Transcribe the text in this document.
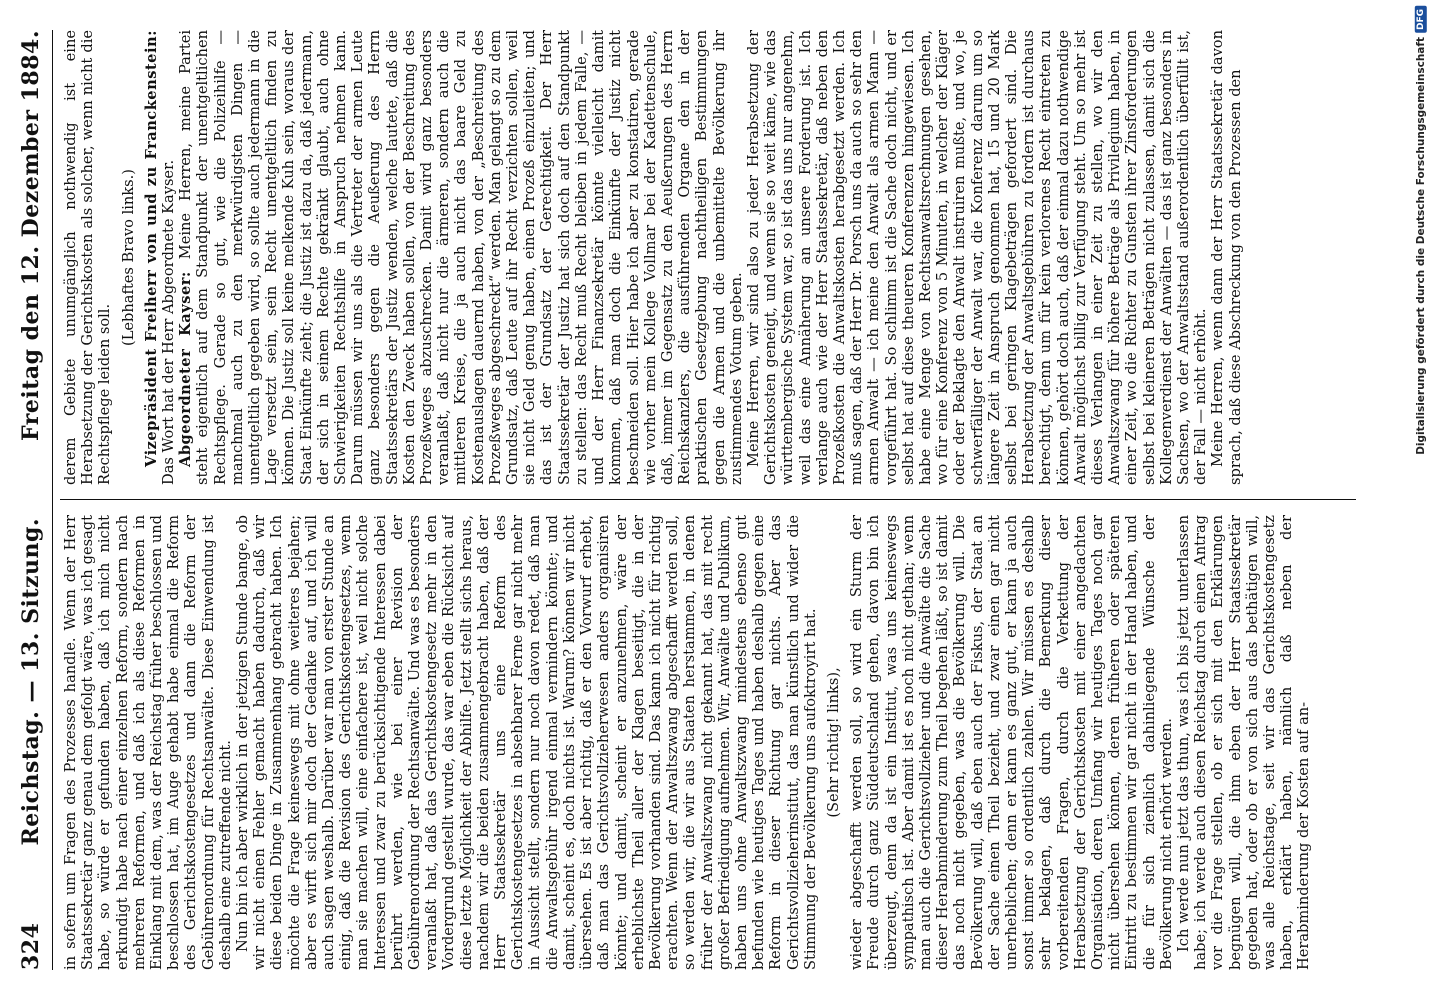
324
Reichstag. — 13. Sitzung.
Freitag den 12. Dezember 1884.

in sofern um Fragen des Prozesses handle. Wenn der Herr Staatssekretär ganz genau dem gefolgt wäre, was ich gesagt habe, so würde er gefunden haben, daß ich mich nicht erkundigt habe nach einer einzelnen Reform, sondern nach mehreren Reformen, und daß ich als diese Reformen in Einklang mit dem, was der Reichstag früher beschlossen und beschlossen hat, im Auge gehabt habe einmal die Reform des Gerichtskostengesetzes und dann die Reform der Gebührenordnung für Rechtsanwälte. Diese Einwendung ist deshalb eine zutreffende nicht. Nun bin ich aber wirklich in der jetzigen Stunde bange, ob wir nicht einen Fehler gemacht haben dadurch, daß wir diese beiden Dinge in Zusammenhang gebracht haben. Ich möchte die Frage keineswegs mit ohne weiteres bejahen; aber es wirft sich mir doch der Gedanke auf, und ich will auch sagen weshalb. Darüber war man von erster Stunde an einig, daß die Revision des Gerichtskostengesetzes, wenn man sie machen will, eine einfachere ist, weil nicht solche Interessen und zwar zu berücksichtigende Interessen dabei berührt werden, wie bei einer Revision der Gebührenordnung der Rechtsanwälte. Und was es besonders veranlaßt hat, daß das Gerichtskostengesetz mehr in den Vordergrund gestellt wurde, das war eben die Rücksicht auf diese letzte Möglichkeit der Abhilfe. Jetzt stellt sichs heraus, nachdem wir die beiden zusammengebracht haben, daß der Herr Staatssekretär uns eine Reform des Gerichtskostengesetzes in absehbarer Ferne gar nicht mehr in Aussicht stellt, sondern nur noch davon redet, daß man die Anwaltsgebühr irgend einmal vermindern könnte; und damit, scheint es, doch nichts ist. Warum? können wir nicht übersehen. Es ist aber richtig, daß er den Vorwurf erhebt, daß man das Gerichtsvollzieherwesen anders organisiren könnte; und damit, scheint er anzunehmen, wäre der erheblichste Theil aller der Klagen beseitigt, die in der Bevölkerung vorhanden sind. Das kann ich nicht für richtig erachten. Wenn der Anwaltszwang abgeschafft werden soll, so werden wir, die wir aus Staaten herstammen, in denen früher der Anwaltszwang nicht gekannt hat, das mit recht großer Befriedigung aufnehmen. Wir, Anwälte und Publikum, haben uns ohne Anwaltszwang mindestens ebenso gut befunden wie heutiges Tages und haben deshalb gegen eine Reform in dieser Richtung gar nichts. Aber das Gerichtsvollzieherinstitut, das man künstlich und wider die Stimmung der Bevölkerung uns aufoktroyirt hat. (Sehr richtig! links), wieder abgeschafft werden soll, so wird ein Sturm der Freude durch ganz Süddeutschland gehen, davon bin ich überzeugt, denn da ist ein Institut, was uns keineswegs sympathisch ist. Aber damit ist es noch nicht gethan; wenn man auch die Gerichtsvollzieher und die Anwälte die Sache dieser Herabminderung zum Theil begehen läßt, so ist damit das noch nicht gegeben, was die Bevölkerung will. Die Bevölkerung will, daß eben auch der Fiskus, der Staat an der Sache einen Theil bezieht, und zwar einen gar nicht unerheblichen; denn er kann es ganz gut, er kann ja auch sonst immer so ordentlich zahlen. Wir müssen es deshalb sehr beklagen, daß durch die Bemerkung dieser vorbereitenden Fragen, durch die Verkettung der Herabsetzung der Gerichtskosten mit einer angedachten Organisation, deren Umfang wir heutiges Tages noch gar nicht übersehen können, deren früheren oder späteren Eintritt zu bestimmen wir gar nicht in der Hand haben, und die für sich ziemlich dahinliegende Wünsche der Bevölkerung nicht erhört werden. Ich werde nun jetzt das thun, was ich bis jetzt unterlassen habe; ich werde auch diesen Reichstag durch einen Antrag vor die Frage stellen, ob er sich mit den Erklärungen begnügen will, die ihm eben der Herr Staatssekretär gegeben hat, oder ob er von sich aus das bethätigen will, was alle Reichstage, seit wir das Gerichtskostengesetz haben, erklärt haben, nämlich daß neben der Herabminderung der Kosten auf an-

derem Gebiete unumgänglich nothwendig ist eine Herabsetzung der Gerichtskosten als solcher, wenn nicht die Rechtspflege leiden soll.

(Lebhaftes Bravo links.) Vizepräsident Freiherr von und zu Franckenstein: Das Wort hat der Herr Abgeordnete Kayser. Abgeordneter Kayser: Meine Herren, meine Partei steht eigentlich auf dem Standpunkt der unentgeltlichen Rechtspflege. Gerade so gut, wie die Polizeihilfe — manchmal auch zu den merkwürdigsten Dingen — unentgeltlich gegeben wird, so sollte auch jedermann in die Lage versetzt sein, sein Recht unentgeltlich finden zu können. Die Justiz soll keine melkende Kuh sein, woraus der Staat Einkünfte zieht; die Justiz ist dazu da, daß jedermann, der sich in seinem Rechte gekränkt glaubt, auch ohne Schwierigkeiten Rechtshilfe in Anspruch nehmen kann. Darum müssen wir uns als die Vertreter der armen Leute ganz besonders gegen die Aeußerung des Herrn Staatssekretärs der Justiz wenden, welche lautete, daß die Kosten den Zweck haben sollen, von der Beschreitung des Prozeßweges abzuschrecken. Damit wird ganz besonders veranlaßt, daß nicht nur die ärmeren, sondern auch die mittleren Kreise, die ja auch nicht das baare Geld zu Kostenauslagen dauernd haben, von der „Beschreitung des Prozeßweges abgeschreckt“ werden. Man gelangt so zu dem Grundsatz, daß Leute auf ihr Recht verzichten sollen, weil sie nicht Geld genug haben, einen Prozeß einzuleiten; und das ist der Grundsatz der Gerechtigkeit. Der Herr Staatssekretär der Justiz hat sich doch auf den Standpunkt zu stellen: das Recht muß Recht bleiben in jedem Falle, — und der Herr Finanzsekretär könnte vielleicht damit kommen, daß man doch die Einkünfte der Justiz nicht beschneiden soll. Hier habe ich aber zu konstatiren, gerade wie vorher mein Kollege Vollmar bei der Kadettenschule, daß, immer im Gegensatz zu den Aeußerungen des Herrn Reichskanzlers, die ausführenden Organe den in der praktischen Gesetzgebung nachtheiligen Bestimmungen gegen die Armen und die unbemittelte Bevölkerung ihr zustimmendes Votum geben. Meine Herren, wir sind also zu jeder Herabsetzung der Gerichtskosten geneigt, und wenn sie so weit käme, wie das württembergische System war, so ist das uns nur angenehm, weil das eine Annäherung an unsere Forderung ist. Ich verlange auch wie der Herr Staatssekretär, daß neben den Prozeßkosten die Anwaltskosten herabgesetzt werden. Ich muß sagen, daß der Herr Dr. Porsch uns da auch so sehr den armen Anwalt — ich meine den Anwalt als armen Mann — vorgeführt hat. So schlimm ist die Sache doch nicht, und er selbst hat auf diese theueren Konferenzen hingewiesen. Ich habe eine Menge von Rechtsanwaltsrechnungen gesehen, wo für eine Konferenz von 5 Minuten, in welcher der Kläger oder der Beklagte den Anwalt instruiren mußte, und wo, je schwerfälliger der Anwalt war, die Konferenz darum um so längere Zeit in Anspruch genommen hat, 15 und 20 Mark selbst bei geringen Klagebeträgen gefordert sind. Die Herabsetzung der Anwaltsgebühren zu fordern ist durchaus berechtigt, denn um für kein verlorenes Recht eintreten zu können, gehört doch auch, daß der einmal dazu nothwendige Anwalt möglichst billig zur Verfügung steht. Um so mehr ist dieses Verlangen in einer Zeit zu stellen, wo wir den Anwaltszwang für höhere Beträge als Privilegium haben, in einer Zeit, wo die Richter zu Gunsten ihrer Zinsforderungen selbst bei kleineren Beträgen nicht zulassen, damit sich die Kollegenverdienst der Anwälten — das ist ganz besonders in Sachsen, wo der Anwaltsstand außerordentlich überfüllt ist, der Fall — nicht erhöht. Meine Herren, wenn dann der Herr Staatssekretär davon sprach, daß diese Abschreckung von den Prozessen den	Digitalisierung gefördert durch die Deutsche Forschungsgemeinschaft
DFG
